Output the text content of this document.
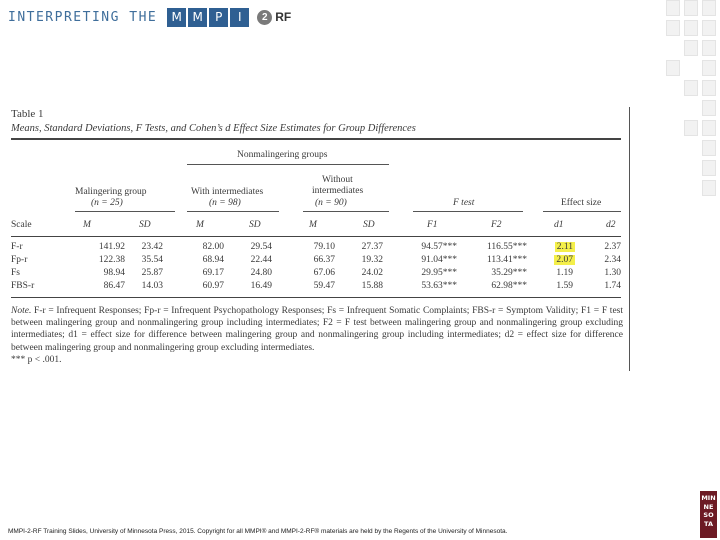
INTERPRETING THE	M M	P	I	2 RF
Table 1
Means, Standard Deviations, F Tests, and Cohen’s d Effect Size Estimates for Group Differences
Nonmalingering groups
Malingering group
(n = 25)
With intermediates
(n = 98)
Without
intermediates
(n = 90)	F test	Effect size
Scale	M	SD	M	SD	M	SD	F1	F2	d1	d2
F-r	141.92 23.42	82.00	29.54	79.10	27.37	94.57***	116.55***	2.11	2.37
Fp-r	122.38 35.54	68.94	22.44	66.37	19.32	91.04***	113.41***	2.07	2.34
Fs	98.94 25.87	69.17	24.80	67.06	24.02	29.95***	35.29***	1.19	1.30
FBS-r	86.47 14.03	60.97	16.49	59.47	15.88	53.63***	62.98***	1.59	1.74
Note. F-r = Infrequent Responses; Fp-r = Infrequent Psychopathology Responses; Fs = Infrequent Somatic Complaints; FBS-r = Symptom Validity; F1 = F test between malingering group and nonmalingering group including intermediates; F2 = F test between malingering group and nonmalingering group excluding intermediates; d1 = effect size for difference between malingering group and nonmalingering group including intermediates; d2 = effect size for difference between malingering group and nonmalingering group excluding intermediates.
*** p < .001.
MMPI-2-RF Training Slides, University of Minnesota Press, 2015. Copyright for all MMPI® and MMPI-2-RF® materials are held by the Regents of the University of Minnesota.
MIN
NE
SO
TA
